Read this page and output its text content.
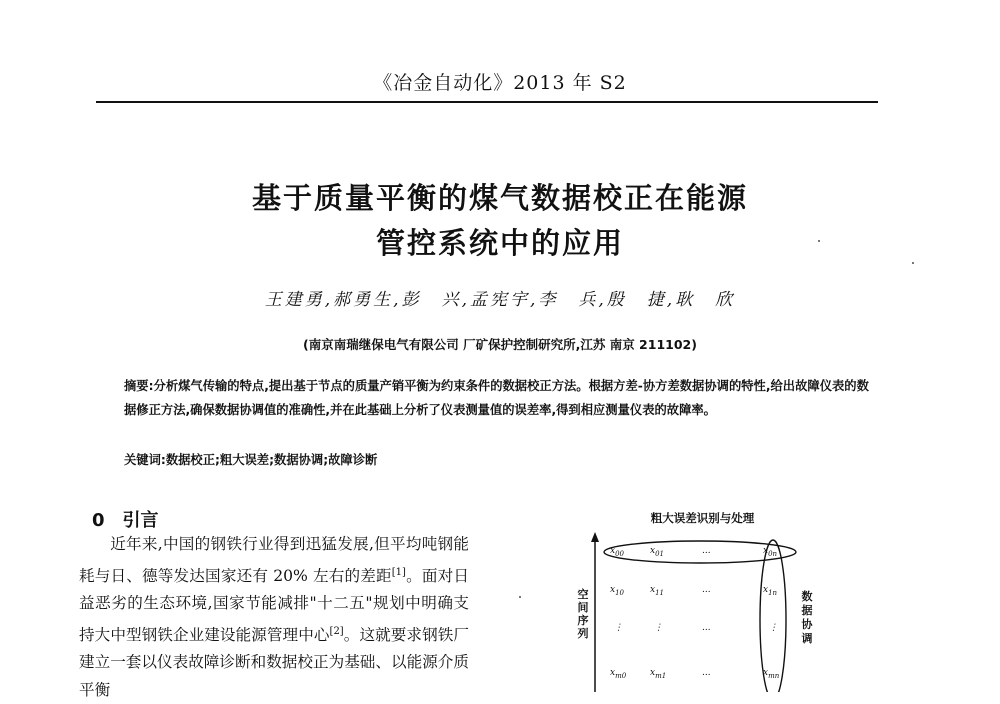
《冶金自动化》2013 年 S2
基于质量平衡的煤气数据校正在能源
管控系统中的应用
王建勇,郝勇生,彭　兴,孟宪宇,李　兵,殷　捷,耿　欣
(南京南瑞继保电气有限公司 厂矿保护控制研究所,江苏 南京 211102)
摘要:分析煤气传输的特点,提出基于节点的质量产销平衡为约束条件的数据校正方法。根据方差-协方差数据协调的特性,给出故障仪表的数据修正方法,确保数据协调值的准确性,并在此基础上分析了仪表测量值的误差率,得到相应测量仪表的故障率。
关键词:数据校正;粗大误差;数据协调;故障诊断
0 引言

近年来,中国的钢铁行业得到迅猛发展,但平均吨钢能耗与日、德等发达国家还有 20% 左右的差距[1]。面对日益恶劣的生态环境,国家节能减排"十二五"规划中明确支持大中型钢铁企业建设能源管理中心[2]。这就要求钢铁厂建立一套以仪表故障诊断和数据校正为基础、以能源介质平衡

粗大误差识别与处理
$x_{00}$	$x_{01}$	...	$x_{0n}$
$x_{10}$	$x_{11}$	...	$x_{1n}$
⋮	⋮	...	⋮
$x_{m0}$	$x_{m1}$	...	$x_{mn}$
空
间
序
列
数
据
协
调
